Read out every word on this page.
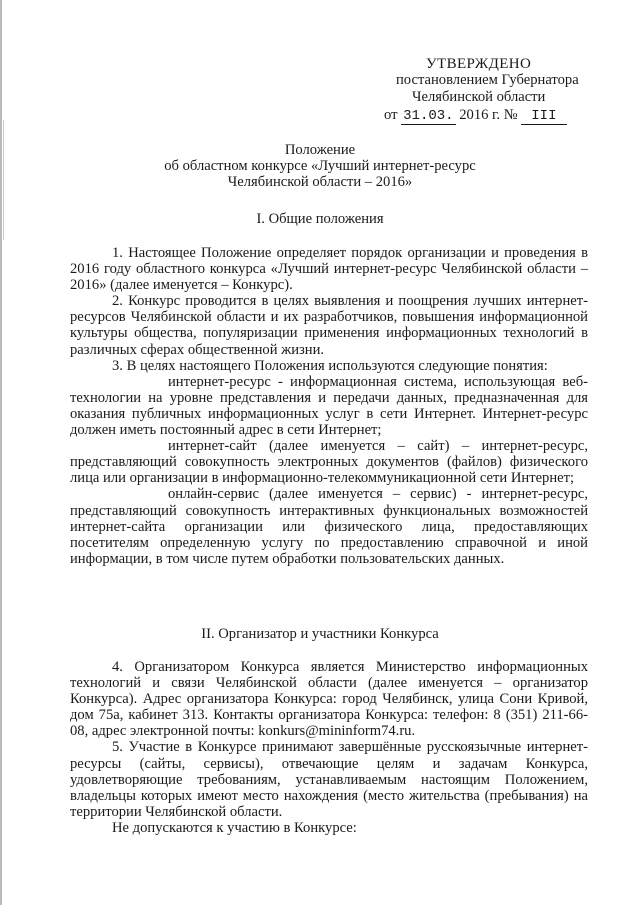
УТВЕРЖДЕНО
постановлением Губернатора
Челябинской области
от 31.03. 2016 г. № III
Положение
об областном конкурсе «Лучший интернет-ресурс
Челябинской области – 2016»
I. Общие положения

1. Настоящее Положение определяет порядок организации и проведения в 2016 году областного конкурса «Лучший интернет-ресурс Челябинской области – 2016» (далее именуется – Конкурс).

2. Конкурс проводится в целях выявления и поощрения лучших интернет-ресурсов Челябинской области и их разработчиков, повышения информационной культуры общества, популяризации применения информационных технологий в различных сферах общественной жизни.

3. В целях настоящего Положения используются следующие понятия:

интернет-ресурс - информационная система, использующая веб-технологии на уровне представления и передачи данных, предназначенная для оказания публичных информационных услуг в сети Интернет. Интернет-ресурс должен иметь постоянный адрес в сети Интернет;

интернет-сайт (далее именуется – сайт) – интернет-ресурс, представляющий совокупность электронных документов (файлов) физического лица или организации в информационно-телекоммуникационной сети Интернет;

онлайн-сервис (далее именуется – сервис) - интернет-ресурс, представляющий совокупность интерактивных функциональных возможностей интернет-сайта организации или физического лица, предоставляющих посетителям определенную услугу по предоставлению справочной и иной информации, в том числе путем обработки пользовательских данных.

II. Организатор и участники Конкурса

4. Организатором Конкурса является Министерство информационных технологий и связи Челябинской области (далее именуется – организатор Конкурса). Адрес организатора Конкурса: город Челябинск, улица Сони Кривой, дом 75а, кабинет 313. Контакты организатора Конкурса: телефон: 8 (351) 211-66-08, адрес электронной почты: konkurs@mininform74.ru.

5. Участие в Конкурсе принимают завершённые русскоязычные интернет-ресурсы (сайты, сервисы), отвечающие целям и задачам Конкурса, удовлетворяющие требованиям, устанавливаемым настоящим Положением, владельцы которых имеют место нахождения (место жительства (пребывания) на территории Челябинской области.

Не допускаются к участию в Конкурсе:
